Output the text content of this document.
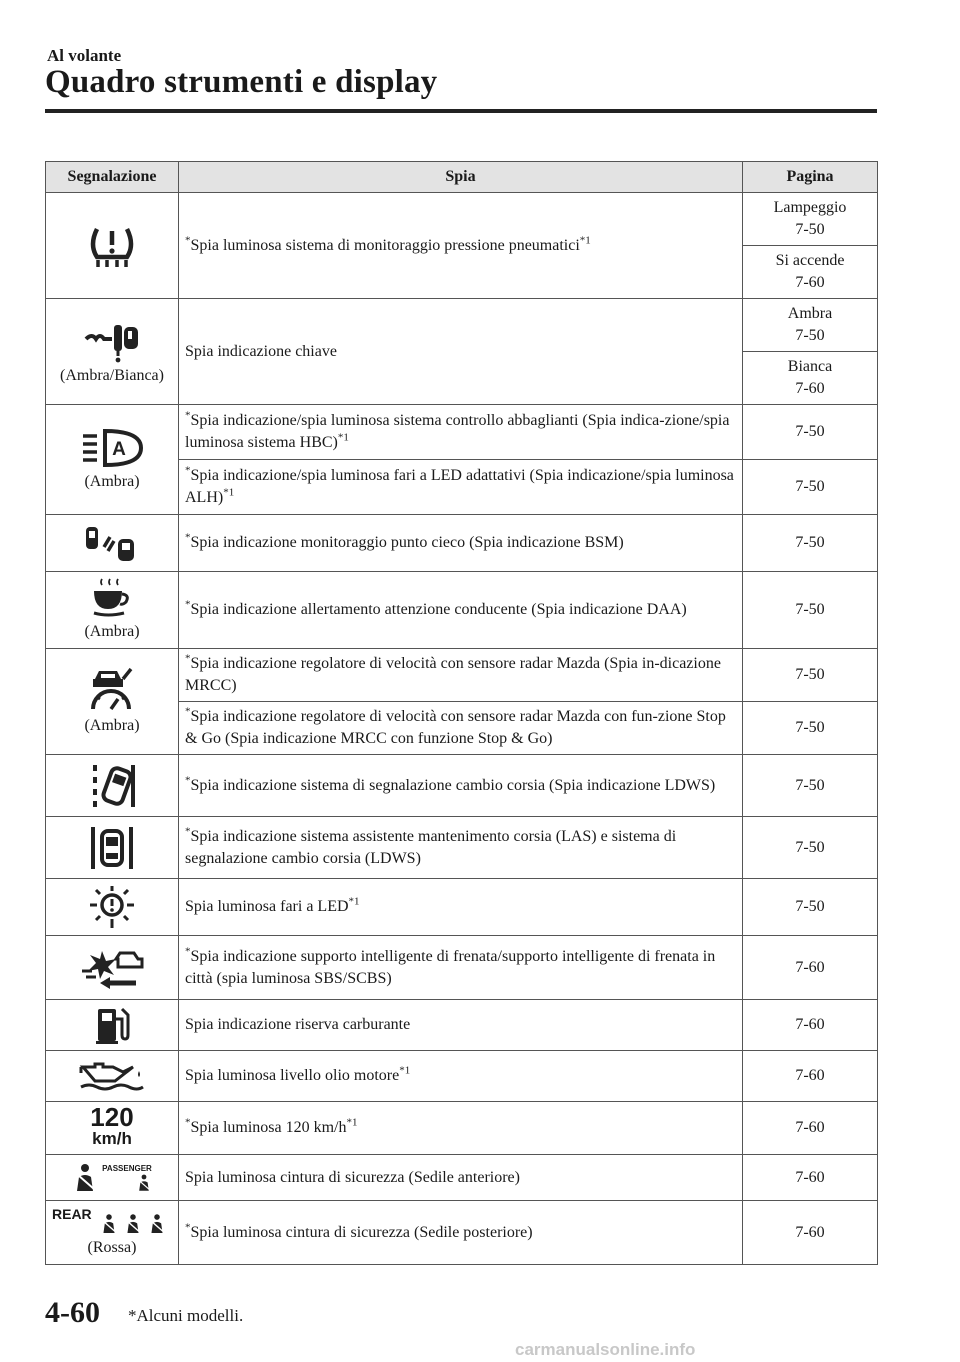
Al volante
Quadro strumenti e display
Segnalazione	Spia	Pagina

	*Spia luminosa sistema di monitoraggio pressione pneumatici$^{*1}$	Lampeggio
7-50
		Si accende
7-60

(Ambra/Bianca)	Spia indicazione chiave	Ambra
7-50
		Bianca
7-60

A
(Ambra)	*Spia indicazione/spia luminosa sistema controllo abbaglianti (Spia indica-zione/spia luminosa sistema HBC)$^{*1}$	7-50
	*Spia indicazione/spia luminosa fari a LED adattativi (Spia indicazione/spia luminosa ALH)$^{*1}$	7-50

	*Spia indicazione monitoraggio punto cieco (Spia indicazione BSM)	7-50

(Ambra)	*Spia indicazione allertamento attenzione conducente (Spia indicazione DAA)	7-50

(Ambra)	*Spia indicazione regolatore di velocità con sensore radar Mazda (Spia in-dicazione MRCC)	7-50
	*Spia indicazione regolatore di velocità con sensore radar Mazda con fun-zione Stop & Go (Spia indicazione MRCC con funzione Stop & Go)	7-50

	*Spia indicazione sistema di segnalazione cambio corsia (Spia indicazione LDWS)	7-50

	*Spia indicazione sistema assistente mantenimento corsia (LAS) e sistema di segnalazione cambio corsia (LDWS)	7-50

	Spia luminosa fari a LED$^{*1}$	7-50

	*Spia indicazione supporto intelligente di frenata/supporto intelligente di frenata in città (spia luminosa SBS/SCBS)	7-60

	Spia indicazione riserva carburante	7-60

	Spia luminosa livello olio motore$^{*1}$	7-60

120
km/h	*Spia luminosa 120 $km/h^{*1}$	7-60

PASSENGER	Spia luminosa cintura di sicurezza (Sedile anteriore)	7-60

REAR
(Rossa)	*Spia luminosa cintura di sicurezza (Sedile posteriore)	7-60
4-60 *Alcuni modelli.
carmanualsonline.info
